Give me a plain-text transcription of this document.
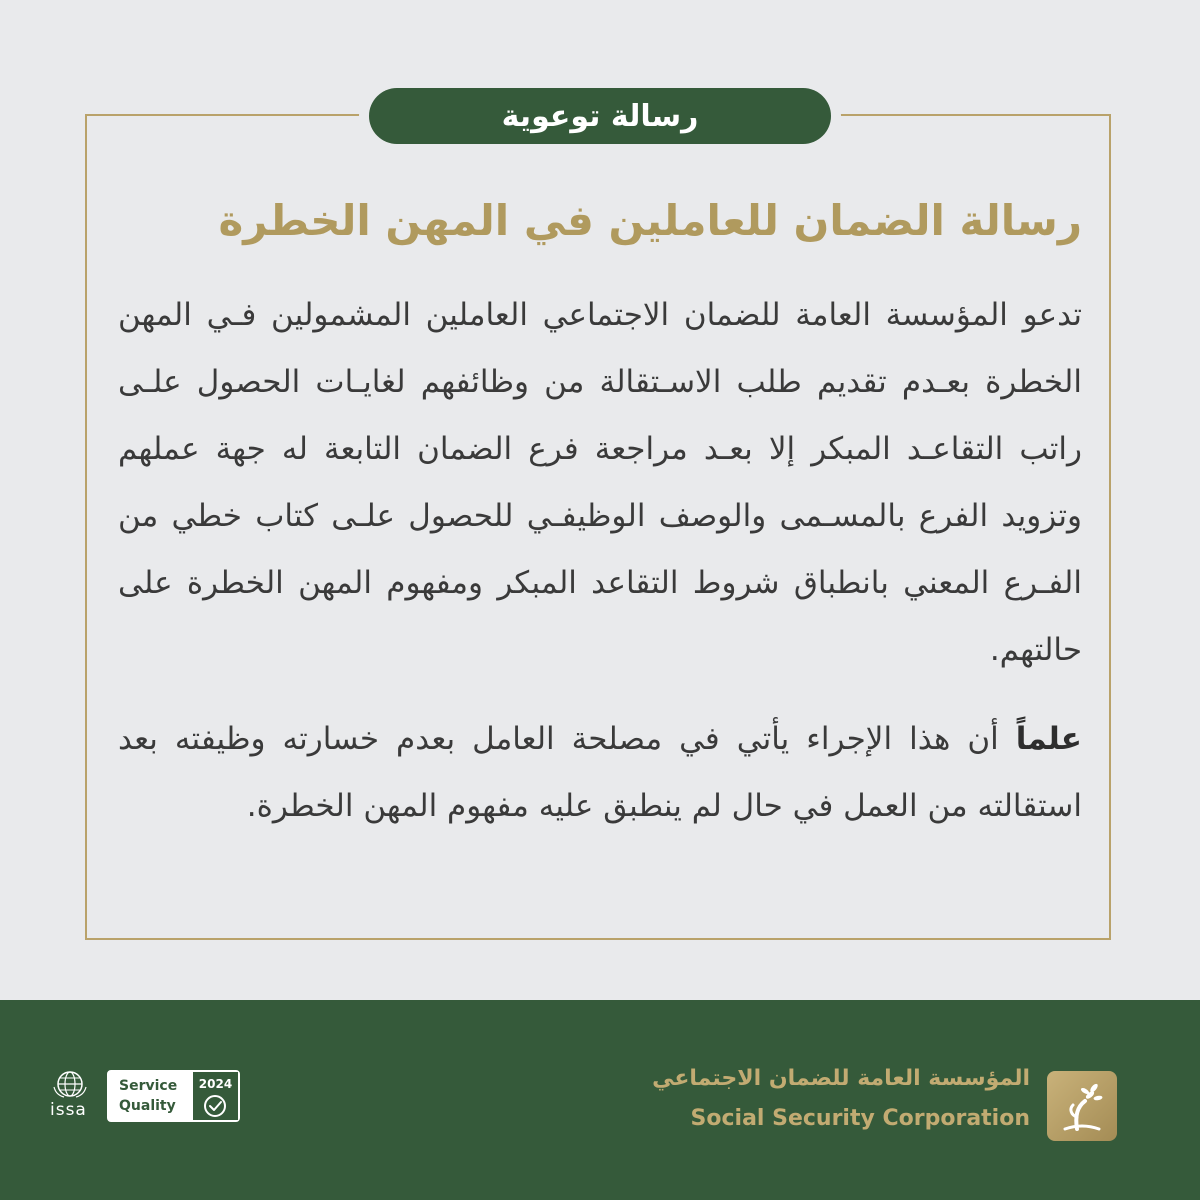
رسالة توعوية
رسالة الضمان للعاملين في المهن الخطرة

تدعو المؤسسة العامة للضمان الاجتماعي العاملين المشمولين فـي المهن الخطرة بعـدم تقديم طلب الاسـتقالة من وظائفهم لغايـات الحصول علـى راتب التقاعـد المبكر إلا بعـد مراجعة فرع الضمان التابعة له جهة عملهم وتزويد الفرع بالمسـمى والوصف الوظيفـي للحصول علـى كتاب خطي من الفـرع المعني بانطباق شروط التقاعد المبكر ومفهوم المهن الخطرة على حالتهم.

علماً أن هذا الإجراء يأتي في مصلحة العامل بعدم خسارته وظيفته بعد استقالته من العمل في حال لم ينطبق عليه مفهوم المهن الخطرة.

المؤسسة العامة للضمان الاجتماعي
Social Security Corporation
issa
Service
Quality
2024
